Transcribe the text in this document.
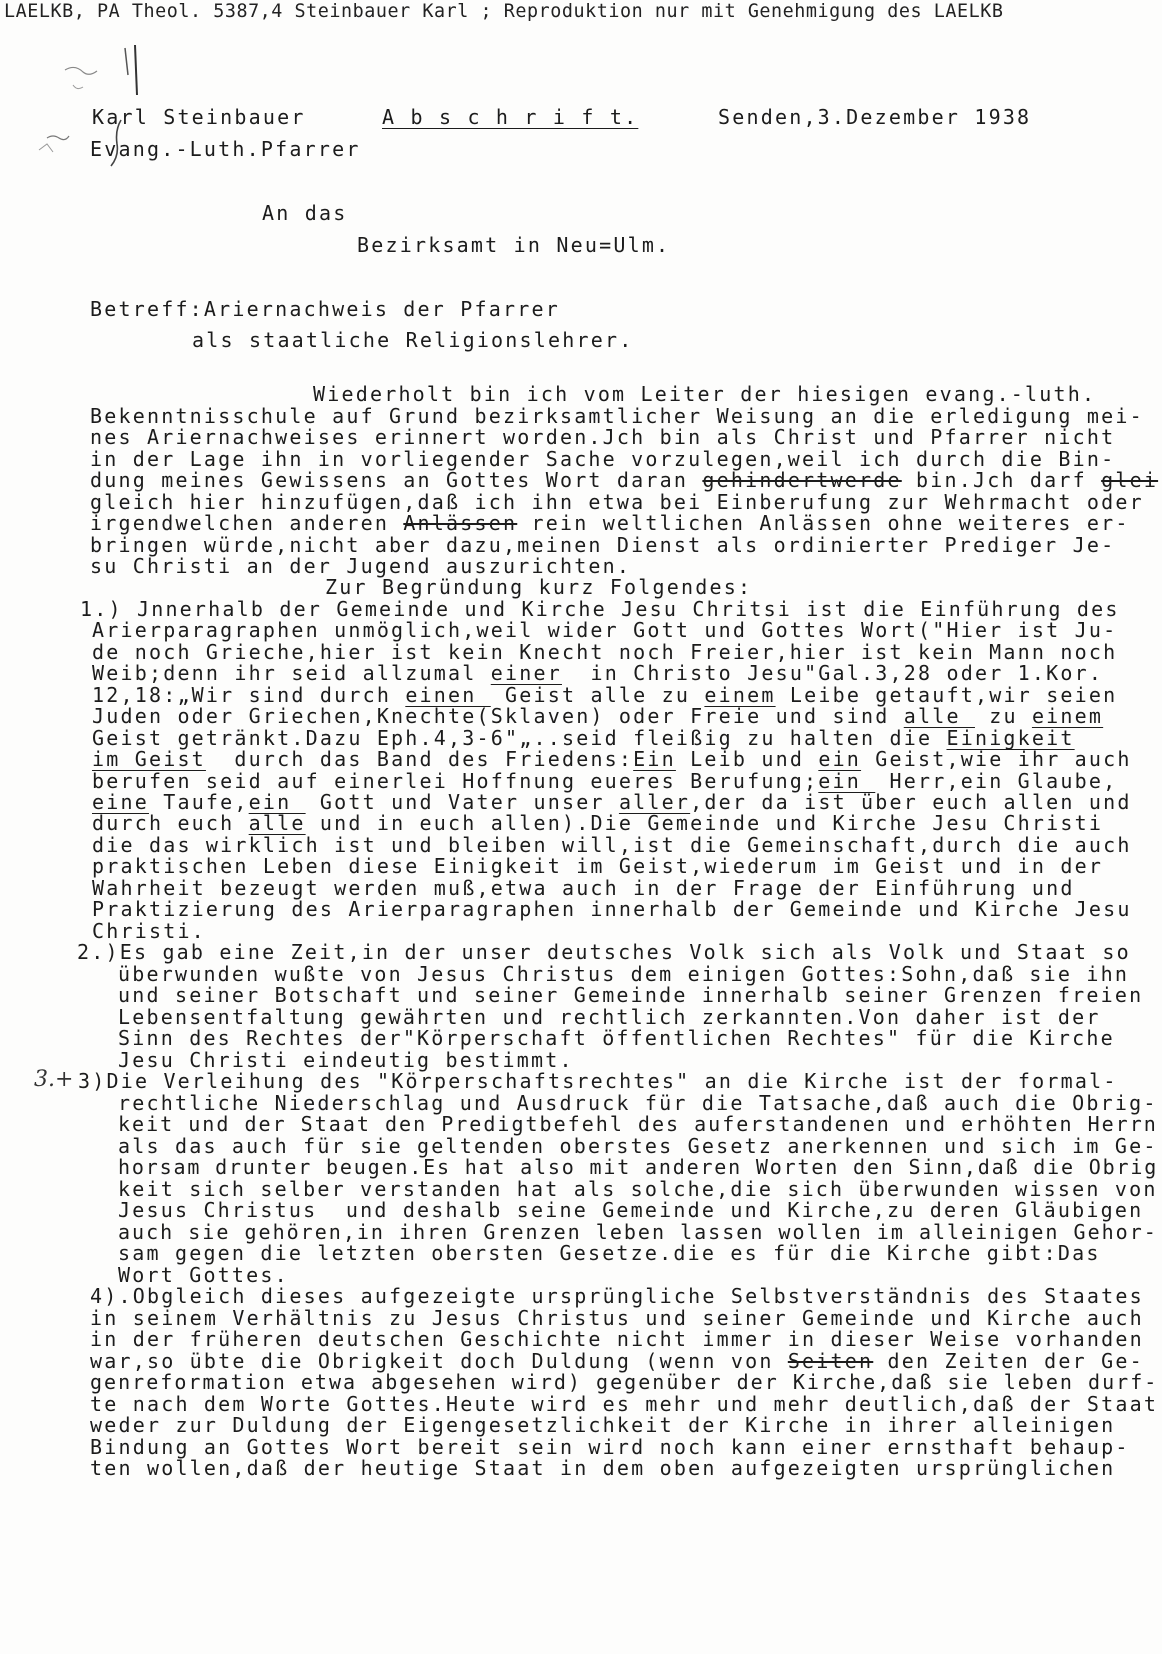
LAELKB, PA Theol. 5387,4 Steinbauer Karl ; Reproduktion nur mit Genehmigung des LAELKB
Karl Steinbauer
Evang.-Luth.Pfarrer
A b s c h r i f t.	Senden,3.Dezember 1938
An das
Bezirksamt in Neu=Ulm.
Betreff:Ariernachweis der Pfarrer
als staatliche Religionslehrer.
3.+
Wiederholt bin ich vom Leiter der hiesigen evang.-luth.
Bekenntnisschule auf Grund bezirksamtlicher Weisung an die erledigung mei-
nes Ariernachweises erinnert worden.Jch bin als Christ und Pfarrer nicht
in der Lage ihn in vorliegender Sache vorzulegen,weil ich durch die Bin-
dung meines Gewissens an Gottes Wort daran gehindertwerde bin.Jch darf glei
gleich hier hinzufügen,daß ich ihn etwa bei Einberufung zur Wehrmacht oder
irgendwelchen anderen Anlässen rein weltlichen Anlässen ohne weiteres er-
bringen würde,nicht aber dazu,meinen Dienst als ordinierter Prediger Je-
su Christi an der Jugend auszurichten.
Zur Begründung kurz Folgendes:
1.) Jnnerhalb der Gemeinde und Kirche Jesu Chritsi ist die Einführung des
Arierparagraphen unmöglich,weil wider Gott und Gottes Wort("Hier ist Ju-
de noch Grieche,hier ist kein Knecht noch Freier,hier ist kein Mann noch
Weib;denn ihr seid allzumal einer  in Christo Jesu"Gal.3,28 oder 1.Kor.
12,18:„Wir sind durch einen  Geist alle zu einem Leibe getauft,wir seien
Juden oder Griechen,Knechte(Sklaven) oder Freie und sind alle  zu einem
Geist getränkt.Dazu Eph.4,3-6"„..seid fleißig zu halten die Einigkeit
im Geist  durch das Band des Friedens:Ein Leib und ein Geist,wie ihr auch
berufen seid auf einerlei Hoffnung eueres Berufung;ein  Herr,ein Glaube,
eine Taufe,ein  Gott und Vater unser aller,der da ist über euch allen und
durch euch alle und in euch allen).Die Gemeinde und Kirche Jesu Christi
die das wirklich ist und bleiben will,ist die Gemeinschaft,durch die auch
praktischen Leben diese Einigkeit im Geist,wiederum im Geist und in der
Wahrheit bezeugt werden muß,etwa auch in der Frage der Einführung und
Praktizierung des Arierparagraphen innerhalb der Gemeinde und Kirche Jesu
Christi.
2.)Es gab eine Zeit,in der unser deutsches Volk sich als Volk und Staat so
überwunden wußte von Jesus Christus dem einigen Gottes:Sohn,daß sie ihn
und seiner Botschaft und seiner Gemeinde innerhalb seiner Grenzen freien
Lebensentfaltung gewährten und rechtlich zerkannten.Von daher ist der
Sinn des Rechtes der"Körperschaft öffentlichen Rechtes" für die Kirche
Jesu Christi eindeutig bestimmt.
3)Die Verleihung des "Körperschaftsrechtes" an die Kirche ist der formal-
rechtliche Niederschlag und Ausdruck für die Tatsache,daß auch die Obrig-
keit und der Staat den Predigtbefehl des auferstandenen und erhöhten Herrn
als das auch für sie geltenden oberstes Gesetz anerkennen und sich im Ge-
horsam drunter beugen.Es hat also mit anderen Worten den Sinn,daß die Obrig
keit sich selber verstanden hat als solche,die sich überwunden wissen von
Jesus Christus  und deshalb seine Gemeinde und Kirche,zu deren Gläubigen
auch sie gehören,in ihren Grenzen leben lassen wollen im alleinigen Gehor-
sam gegen die letzten obersten Gesetze.die es für die Kirche gibt:Das
Wort Gottes.
4).Obgleich dieses aufgezeigte ursprüngliche Selbstverständnis des Staates
in seinem Verhältnis zu Jesus Christus und seiner Gemeinde und Kirche auch
in der früheren deutschen Geschichte nicht immer in dieser Weise vorhanden
war,so übte die Obrigkeit doch Duldung (wenn von Seiten den Zeiten der Ge-
genreformation etwa abgesehen wird) gegenüber der Kirche,daß sie leben durf-
te nach dem Worte Gottes.Heute wird es mehr und mehr deutlich,daß der Staat
weder zur Duldung der Eigengesetzlichkeit der Kirche in ihrer alleinigen
Bindung an Gottes Wort bereit sein wird noch kann einer ernsthaft behaup-
ten wollen,daß der heutige Staat in dem oben aufgezeigten ursprünglichen
